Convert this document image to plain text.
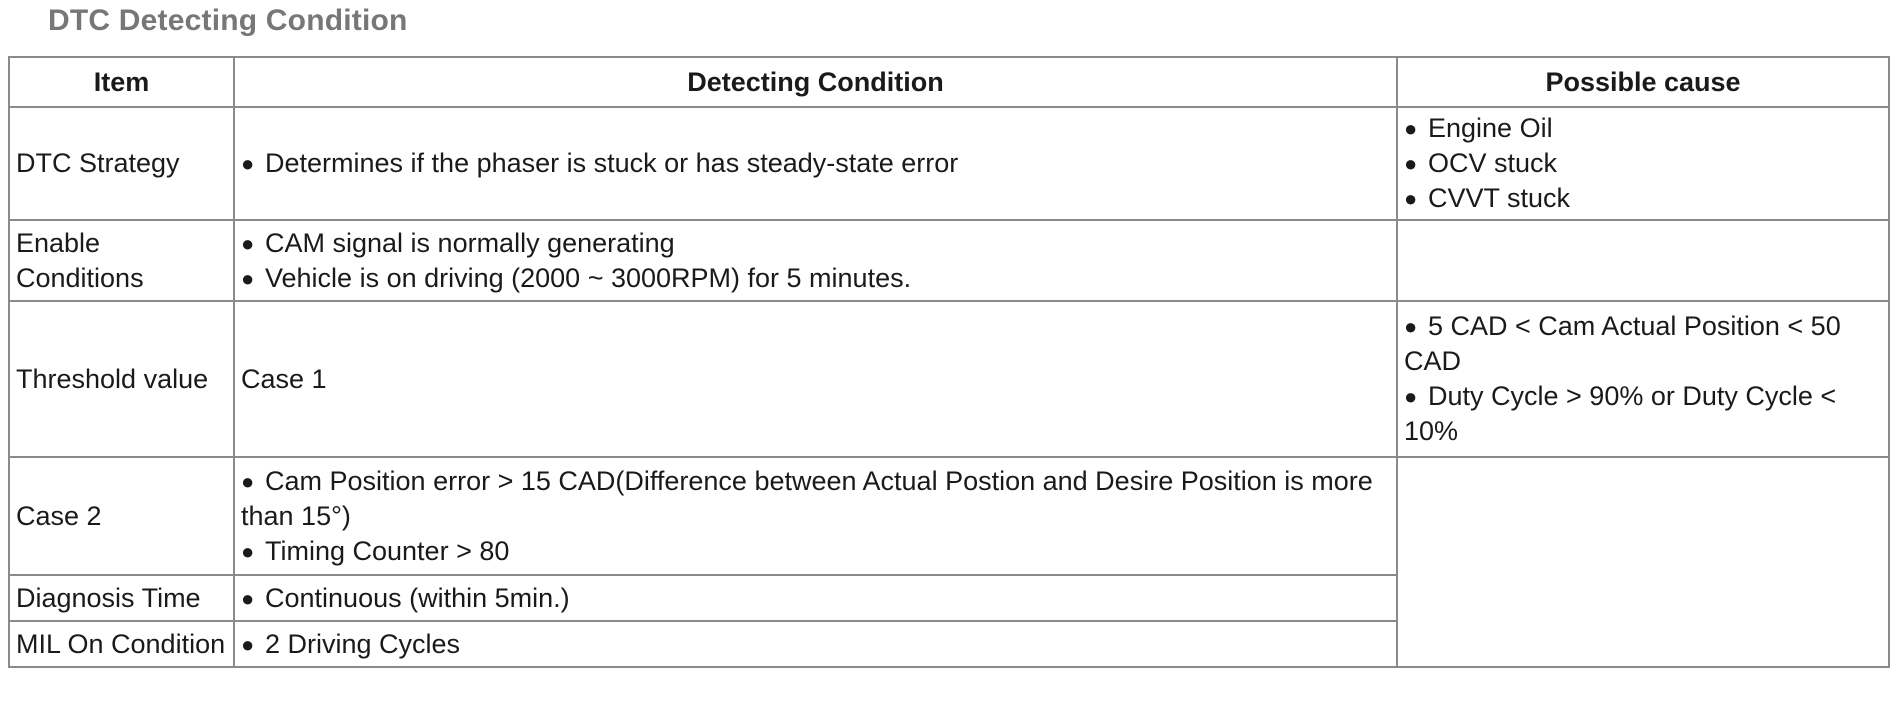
DTC Detecting Condition
Item	Detecting Condition	Possible cause
DTC Strategy	● Determines if the phaser is stuck or has steady-state error	● Engine Oil
● OCV stuck
● CVVT stuck

Enable Conditions	● CAM signal is normally generating
● Vehicle is on driving (2000 ~ 3000RPM) for 5 minutes.	

Threshold value	Case 1	● 5 CAD < Cam Actual Position < 50 CAD
● Duty Cycle > 90% or Duty Cycle < 10%

Case 2	● Cam Position error > 15 CAD(Difference between Actual Postion and Desire Position is more than 15°)
● Timing Counter > 80	

Diagnosis Time	● Continuous (within 5min.)	

MIL On Condition	● 2 Driving Cycles	
